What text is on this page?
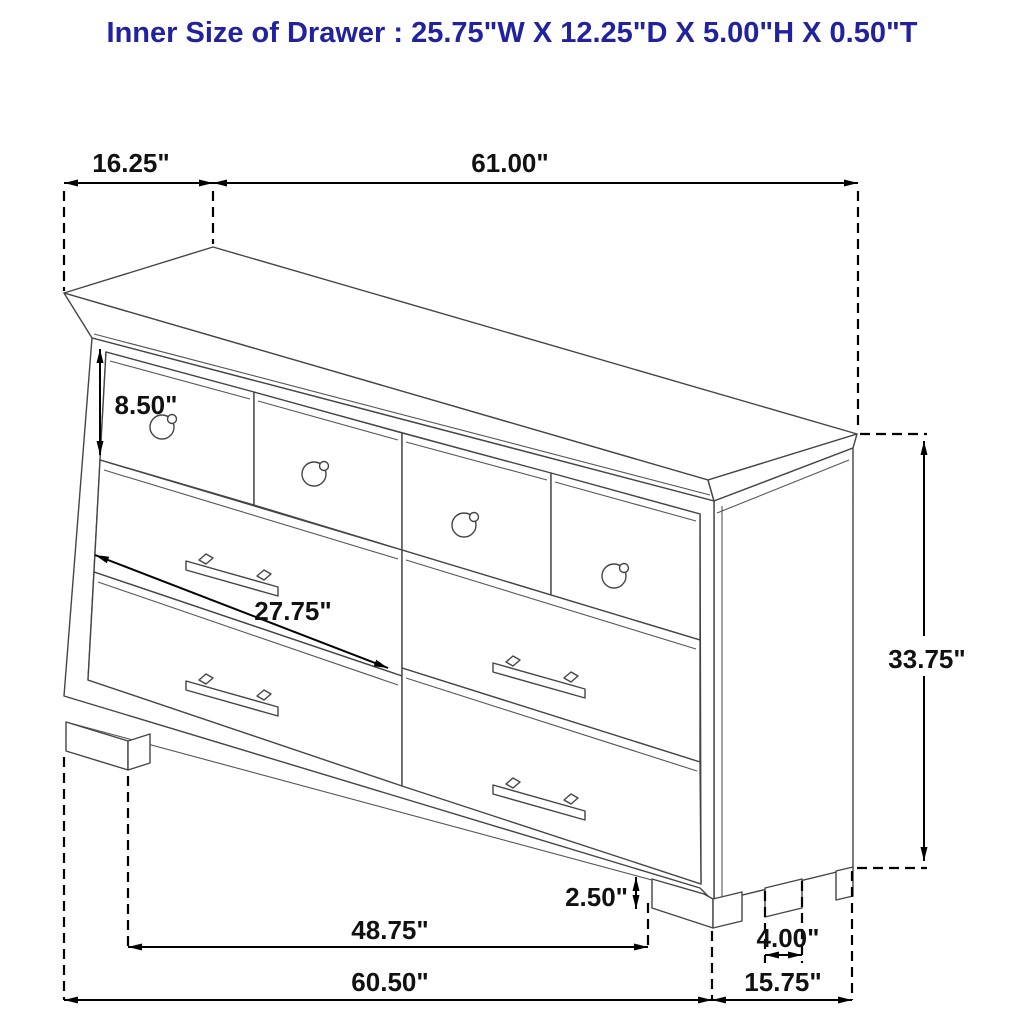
Inner Size of Drawer : 25.75"W X 12.25"D X 5.00"H X 0.50"T
16.25"	61.00"
8.50"
27.75"
33.75"
2.50"
48.75"
60.50"	15.75"
4.00"
